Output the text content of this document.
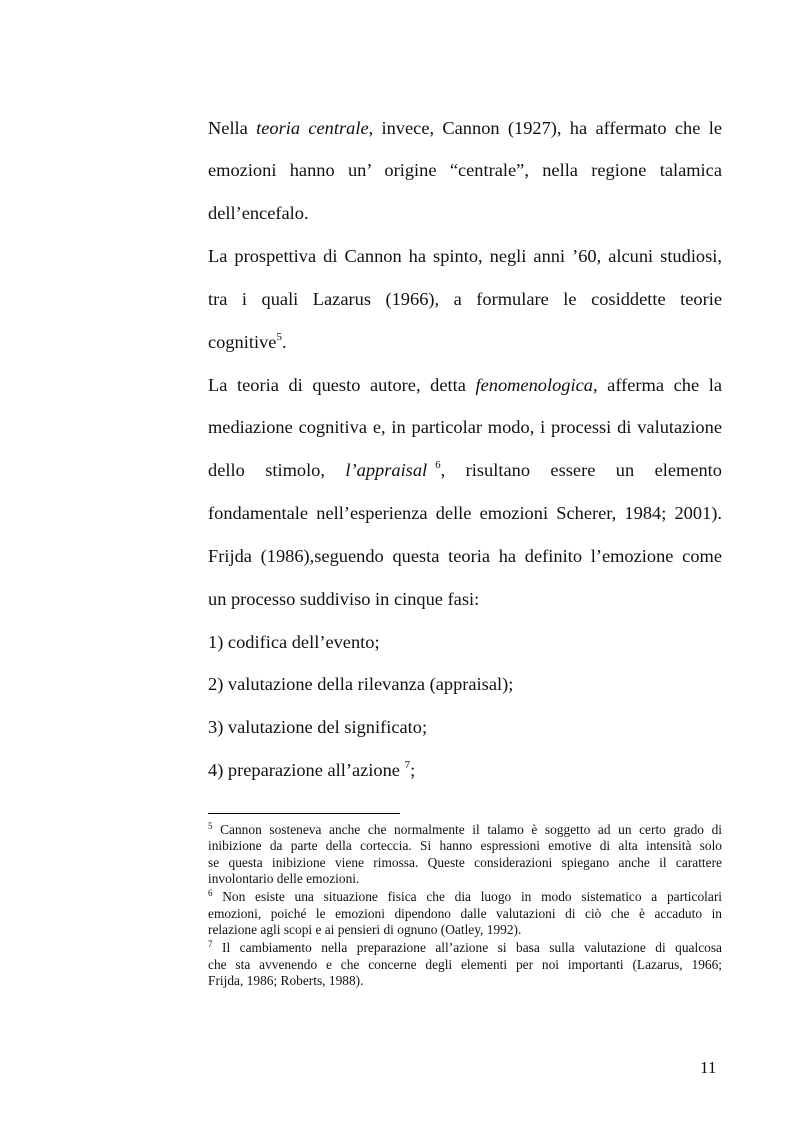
Nella teoria centrale, invece, Cannon (1927), ha affermato che le
emozioni hanno un’ origine “centrale”, nella regione talamica
dell’encefalo.
La prospettiva di Cannon ha spinto, negli anni ’60, alcuni studiosi,
tra i quali Lazarus (1966), a formulare le cosiddette teorie
cognitive$^5$.
La teoria di questo autore, detta fenomenologica, afferma che la
mediazione cognitiva e, in particolar modo, i processi di valutazione
dello stimolo, l’appraisal $^6$, risultano essere un elemento
fondamentale nell’esperienza delle emozioni Scherer, 1984; 2001).
Frijda (1986),seguendo questa teoria ha definito l’emozione come
un processo suddiviso in cinque fasi:
1) codifica dell’evento;
2) valutazione della rilevanza (appraisal);
3) valutazione del significato;
4) preparazione all’azione $^7$;
$^5$ Cannon sosteneva anche che normalmente il talamo è soggetto ad un certo grado di
inibizione da parte della corteccia. Si hanno espressioni emotive di alta intensità solo
se questa inibizione viene rimossa. Queste considerazioni spiegano anche il carattere
involontario delle emozioni.
$^6$ Non esiste una situazione fisica che dia luogo in modo sistematico a particolari
emozioni, poiché le emozioni dipendono dalle valutazioni di ciò che è accaduto in
relazione agli scopi e ai pensieri di ognuno (Oatley, 1992).
$^7$ Il cambiamento nella preparazione all’azione si basa sulla valutazione di qualcosa
che sta avvenendo e che concerne degli elementi per noi importanti (Lazarus, 1966;
Frijda, 1986; Roberts, 1988).
11
